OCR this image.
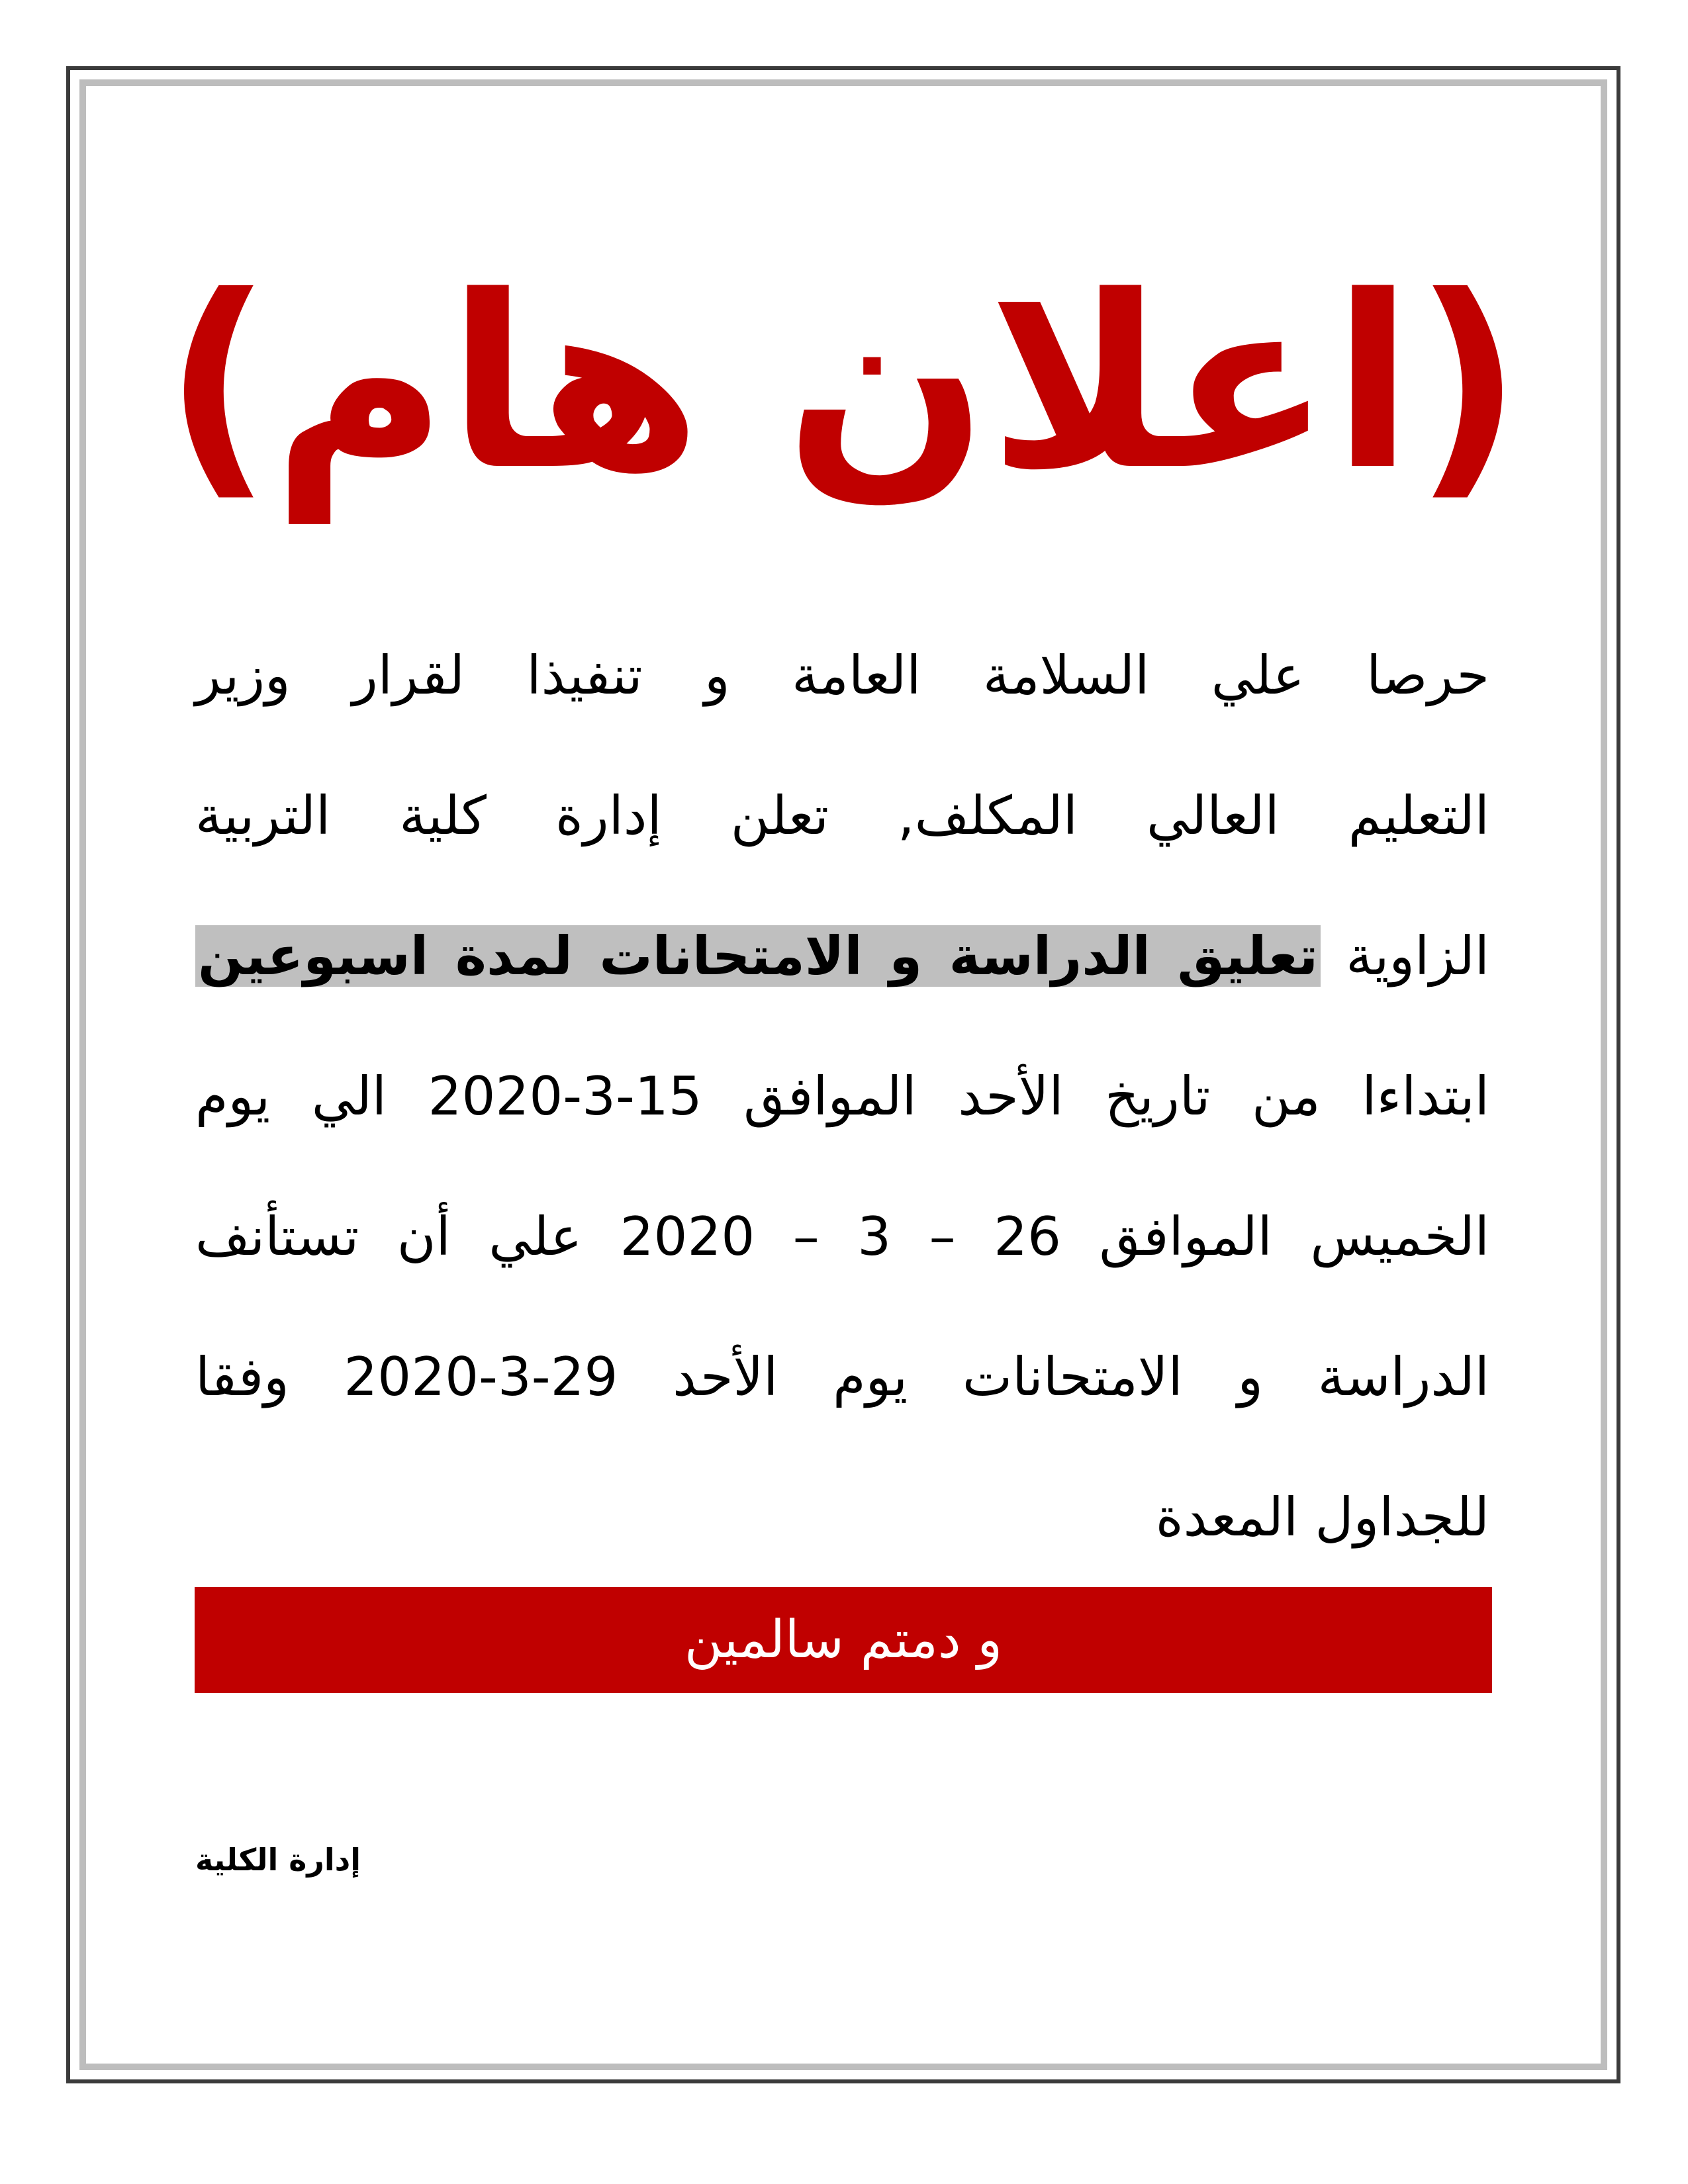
(اعلان هام)
حرصا علي السلامة العامة و تنفيذا لقرار وزير
التعليم العالي المكلف, تعلن إدارة كلية التربية
الزاوية تعليق الدراسة و الامتحانات لمدة اسبوعين
ابتداءا من تاريخ الأحد الموافق 15-3-2020 الي يوم
الخميس الموافق 26 – 3 – 2020 علي أن تستأنف
الدراسة و الامتحانات يوم الأحد 29-3-2020 وفقا
للجداول المعدة
و دمتم سالمين
إدارة الكلية
